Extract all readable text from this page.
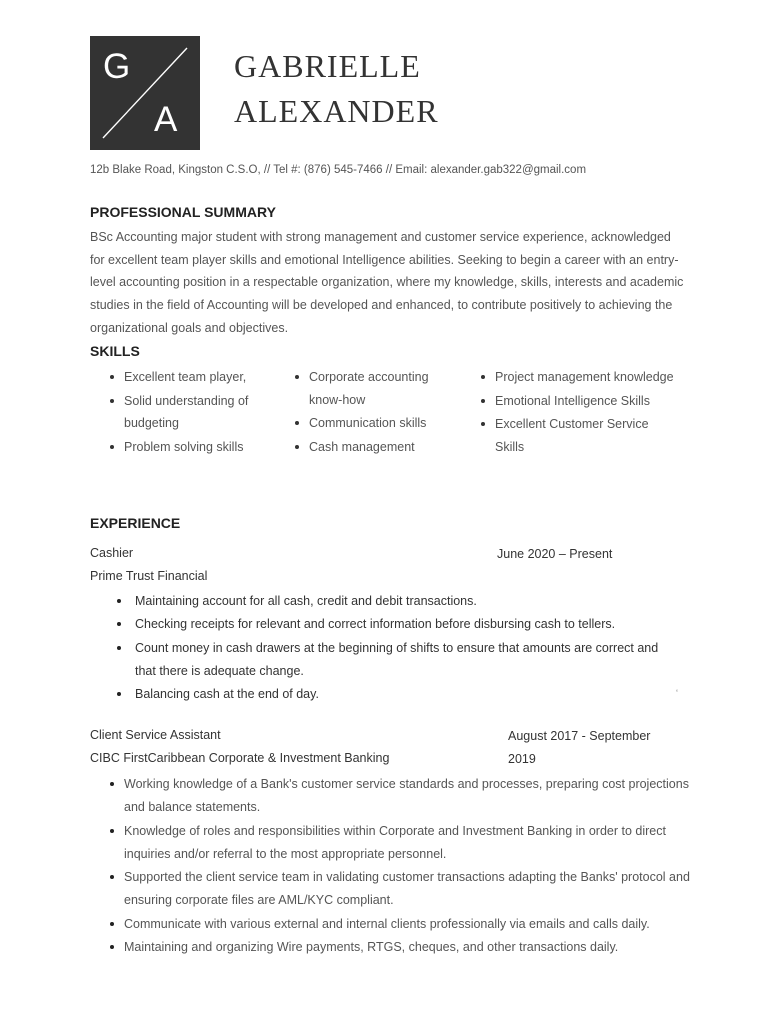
G
A
GABRIELLE
ALEXANDER
12b Blake Road, Kingston C.S.O, // Tel #: (876) 545-7466 // Email: alexander.gab322@gmail.com
PROFESSIONAL SUMMARY
BSc Accounting major student with strong management and customer service experience, acknowledged for excellent team player skills and emotional Intelligence abilities. Seeking to begin a career with an entry-level accounting position in a respectable organization, where my knowledge, skills, interests and academic studies in the field of Accounting will be developed and enhanced, to contribute positively to achieving the organizational goals and objectives.
SKILLS
Excellent team player,
Solid understanding of budgeting
Problem solving skills
Corporate accounting know-how
Communication skills
Cash management
Project management knowledge
Emotional Intelligence Skills
Excellent Customer Service Skills
EXPERIENCE
Cashier	June 2020 – Present
Prime Trust Financial
Maintaining account for all cash, credit and debit transactions.
Checking receipts for relevant and correct information before disbursing cash to tellers.
Count money in cash drawers at the beginning of shifts to ensure that amounts are correct and that there is adequate change.
Balancing cash at the end of day.	‘
Client Service Assistant	August 2017 - September 2019
CIBC FirstCaribbean Corporate & Investment Banking
Working knowledge of a Bank's customer service standards and processes, preparing cost projections and balance statements.
Knowledge of roles and responsibilities within Corporate and Investment Banking in order to direct inquiries and/or referral to the most appropriate personnel.
Supported the client service team in validating customer transactions adapting the Banks' protocol and ensuring corporate files are AML/KYC compliant.
Communicate with various external and internal clients professionally via emails and calls daily.
Maintaining and organizing Wire payments, RTGS, cheques, and other transactions daily.
